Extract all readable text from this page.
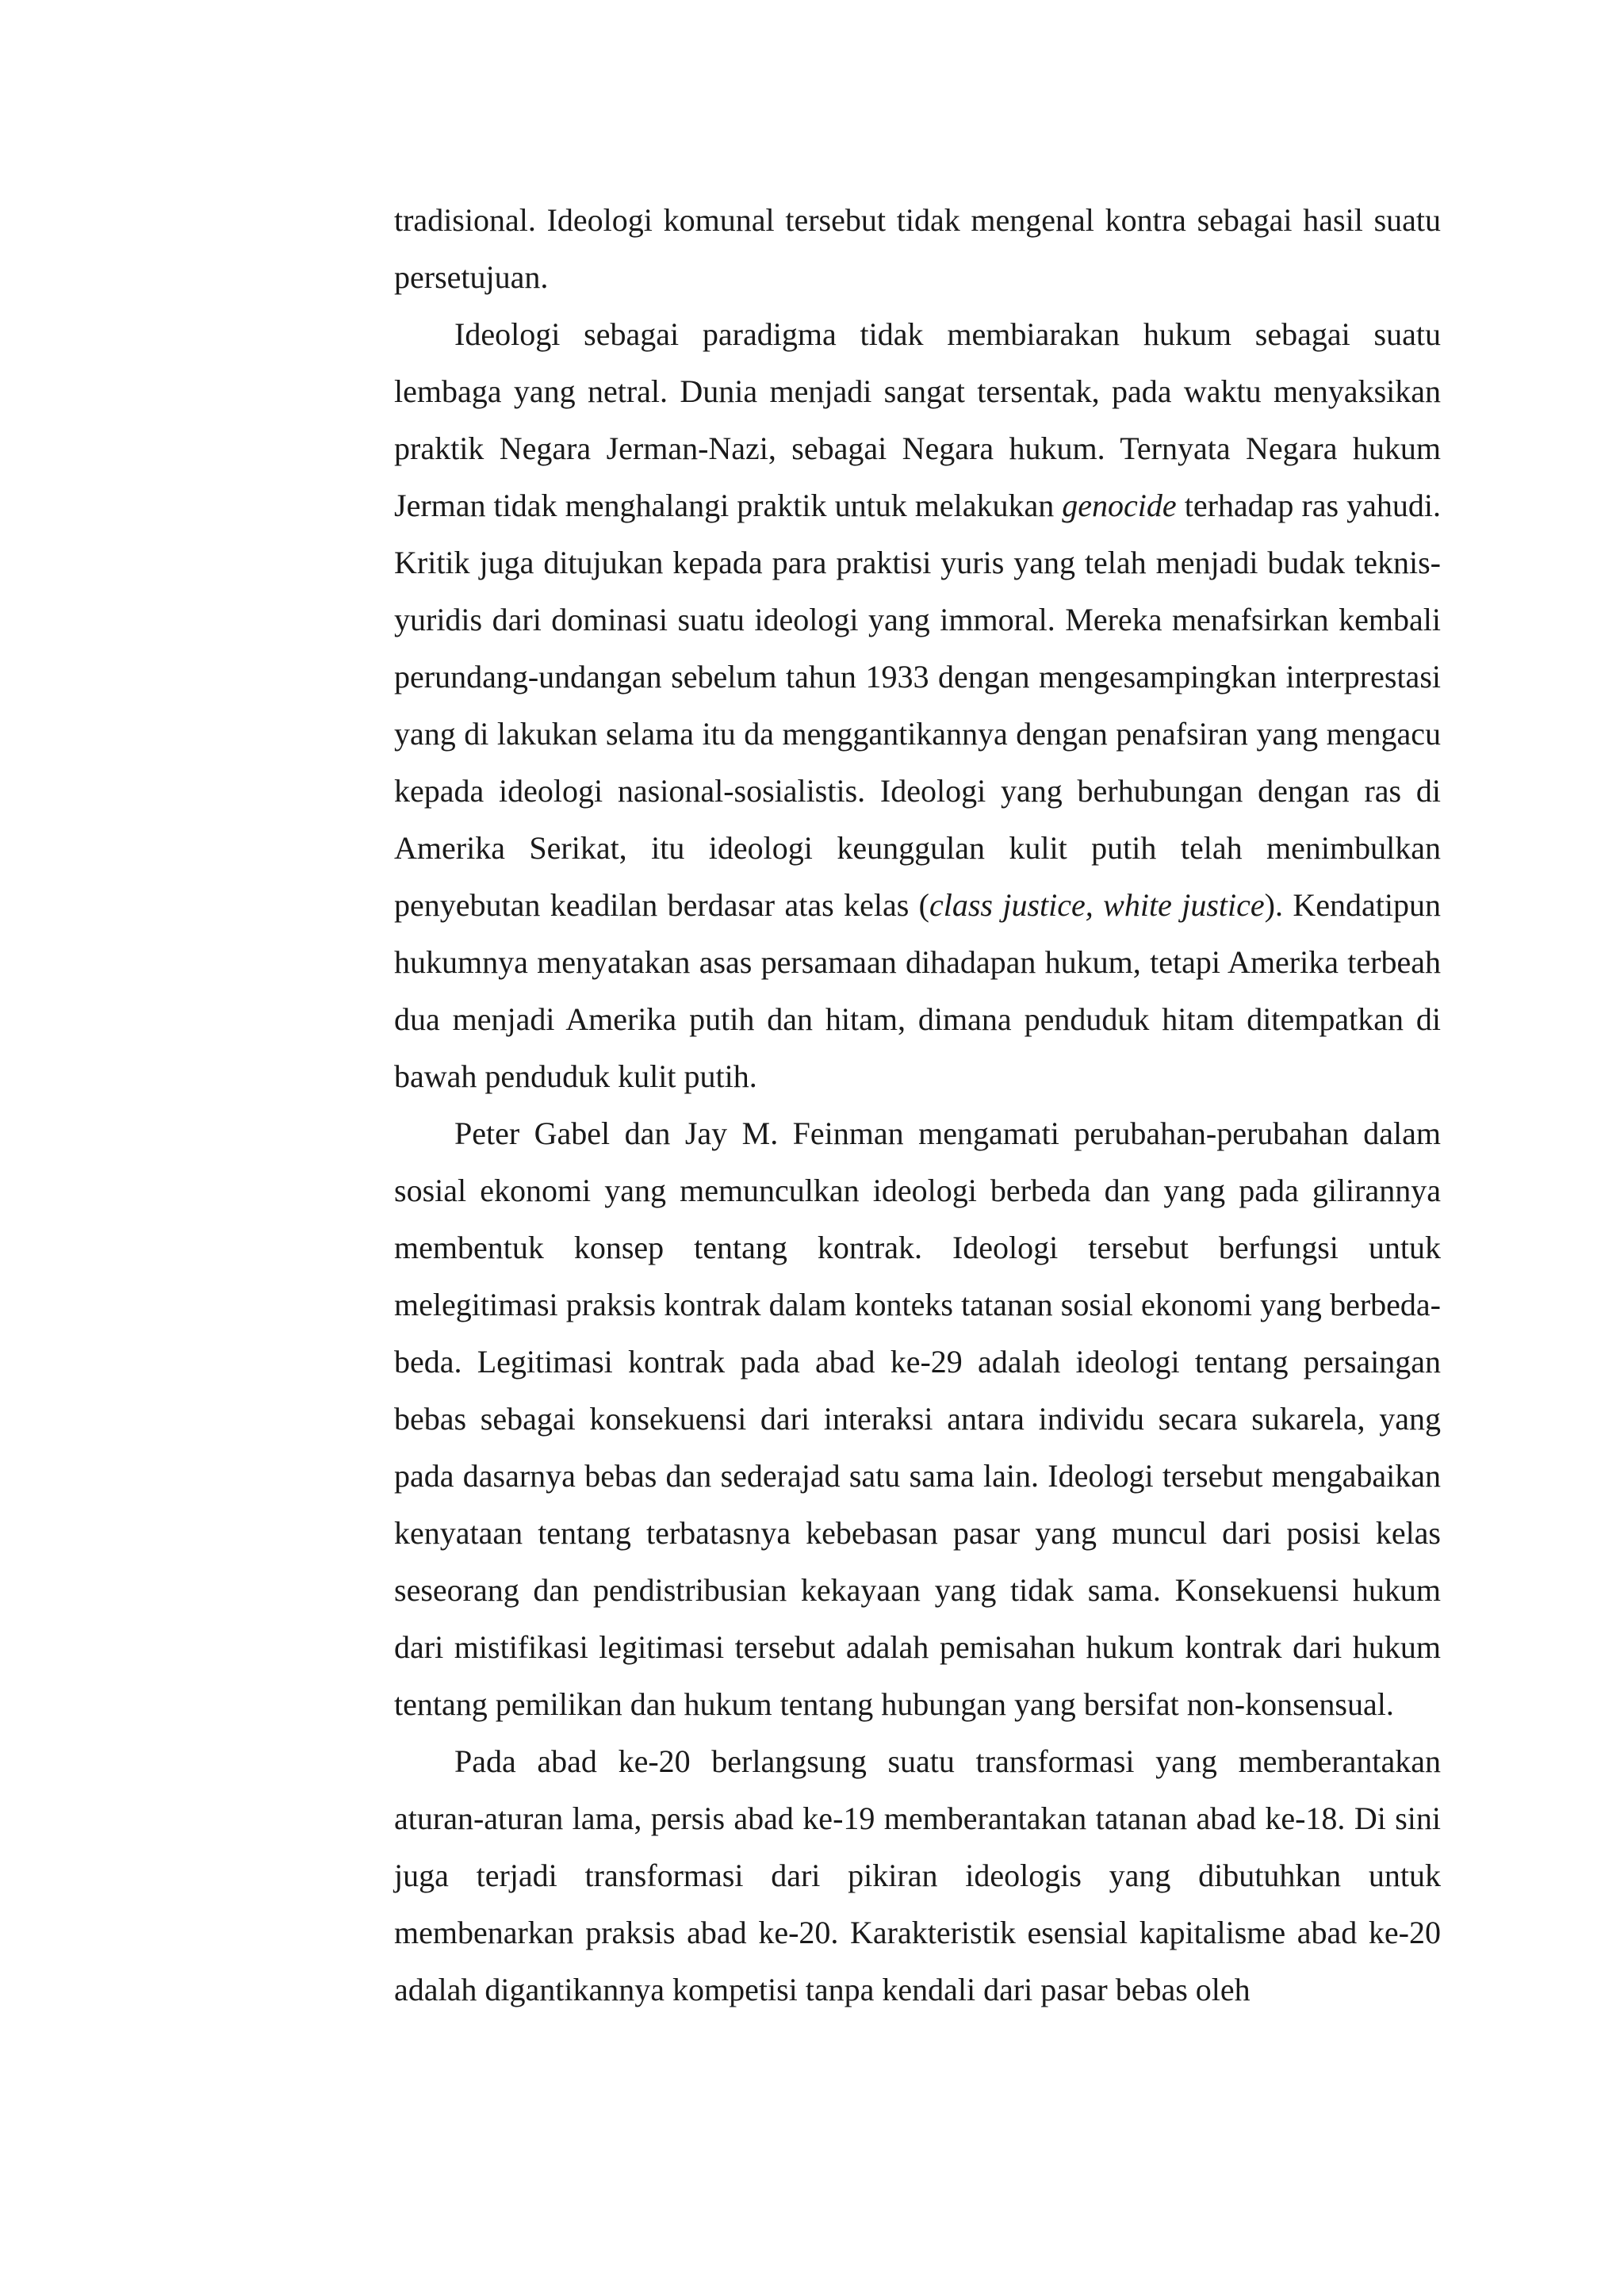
tradisional. Ideologi komunal tersebut tidak mengenal kontra sebagai hasil suatu persetujuan.

Ideologi sebagai paradigma tidak membiarakan hukum sebagai suatu lembaga yang netral. Dunia menjadi sangat tersentak, pada waktu menyaksikan praktik Negara Jerman-Nazi, sebagai Negara hukum. Ternyata Negara hukum Jerman tidak menghalangi praktik untuk melakukan genocide terhadap ras yahudi. Kritik juga ditujukan kepada para praktisi yuris yang telah menjadi budak teknis-yuridis dari dominasi suatu ideologi yang immoral. Mereka menafsirkan kembali perundang-undangan sebelum tahun 1933 dengan mengesampingkan interprestasi yang di lakukan selama itu da menggantikannya dengan penafsiran yang mengacu kepada ideologi nasional-sosialistis. Ideologi yang berhubungan dengan ras di Amerika Serikat, itu ideologi keunggulan kulit putih telah menimbulkan penyebutan keadilan berdasar atas kelas (class justice, white justice). Kendatipun hukumnya menyatakan asas persamaan dihadapan hukum, tetapi Amerika terbeah dua menjadi Amerika putih dan hitam, dimana penduduk hitam ditempatkan di bawah penduduk kulit putih.

Peter Gabel dan Jay M. Feinman mengamati perubahan-perubahan dalam sosial ekonomi yang memunculkan ideologi berbeda dan yang pada gilirannya membentuk konsep tentang kontrak. Ideologi tersebut berfungsi untuk melegitimasi praksis kontrak dalam konteks tatanan sosial ekonomi yang berbeda-beda. Legitimasi kontrak pada abad ke-29 adalah ideologi tentang persaingan bebas sebagai konsekuensi dari interaksi antara individu secara sukarela, yang pada dasarnya bebas dan sederajad satu sama lain. Ideologi tersebut mengabaikan kenyataan tentang terbatasnya kebebasan pasar yang muncul dari posisi kelas seseorang dan pendistribusian kekayaan yang tidak sama. Konsekuensi hukum dari mistifikasi legitimasi tersebut adalah pemisahan hukum kontrak dari hukum tentang pemilikan dan hukum tentang hubungan yang bersifat non-konsensual.

Pada abad ke-20 berlangsung suatu transformasi yang memberantakan aturan-aturan lama, persis abad ke-19 memberantakan tatanan abad ke-18. Di sini juga terjadi transformasi dari pikiran ideologis yang dibutuhkan untuk membenarkan praksis abad ke-20. Karakteristik esensial kapitalisme abad ke-20 adalah digantikannya kompetisi tanpa kendali dari pasar bebas oleh
